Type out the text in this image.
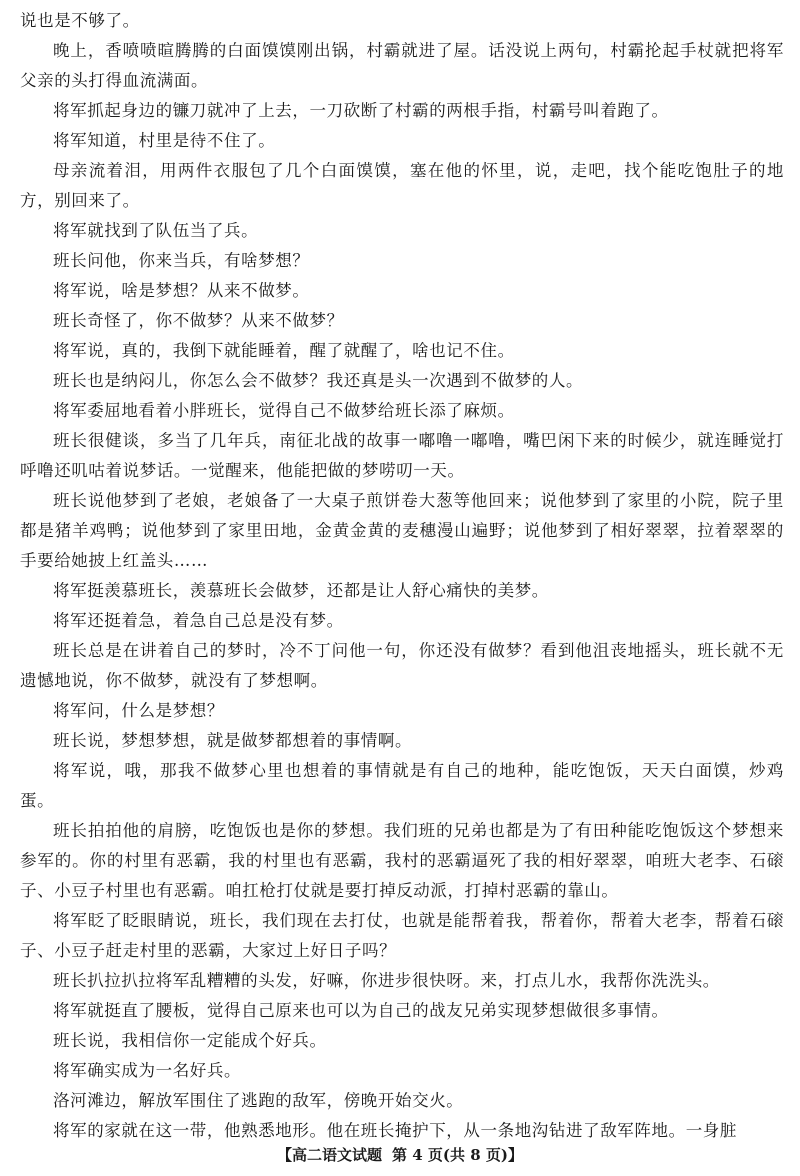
说也是不够了。

晚上，香喷喷暄腾腾的白面馍馍刚出锅，村霸就进了屋。话没说上两句，村霸抡起手杖就把将军父亲的头打得血流满面。

将军抓起身边的镰刀就冲了上去，一刀砍断了村霸的两根手指，村霸号叫着跑了。

将军知道，村里是待不住了。

母亲流着泪，用两件衣服包了几个白面馍馍，塞在他的怀里，说，走吧，找个能吃饱肚子的地方，别回来了。

将军就找到了队伍当了兵。

班长问他，你来当兵，有啥梦想？

将军说，啥是梦想？从来不做梦。

班长奇怪了，你不做梦？从来不做梦？

将军说，真的，我倒下就能睡着，醒了就醒了，啥也记不住。

班长也是纳闷儿，你怎么会不做梦？我还真是头一次遇到不做梦的人。

将军委屈地看着小胖班长，觉得自己不做梦给班长添了麻烦。

班长很健谈，多当了几年兵，南征北战的故事一嘟噜一嘟噜，嘴巴闲下来的时候少，就连睡觉打呼噜还叽咕着说梦话。一觉醒来，他能把做的梦唠叨一天。

班长说他梦到了老娘，老娘备了一大桌子煎饼卷大葱等他回来；说他梦到了家里的小院，院子里都是猪羊鸡鸭；说他梦到了家里田地，金黄金黄的麦穗漫山遍野；说他梦到了相好翠翠，拉着翠翠的手要给她披上红盖头……

将军挺羡慕班长，羡慕班长会做梦，还都是让人舒心痛快的美梦。

将军还挺着急，着急自己总是没有梦。

班长总是在讲着自己的梦时，冷不丁问他一句，你还没有做梦？看到他沮丧地摇头，班长就不无遗憾地说，你不做梦，就没有了梦想啊。

将军问，什么是梦想？

班长说，梦想梦想，就是做梦都想着的事情啊。

将军说，哦，那我不做梦心里也想着的事情就是有自己的地种，能吃饱饭，天天白面馍，炒鸡蛋。

班长拍拍他的肩膀，吃饱饭也是你的梦想。我们班的兄弟也都是为了有田种能吃饱饭这个梦想来参军的。你的村里有恶霸，我的村里也有恶霸，我村的恶霸逼死了我的相好翠翠，咱班大老李、石磙子、小豆子村里也有恶霸。咱扛枪打仗就是要打掉反动派，打掉村恶霸的靠山。

将军眨了眨眼睛说，班长，我们现在去打仗，也就是能帮着我，帮着你，帮着大老李，帮着石磙子、小豆子赶走村里的恶霸，大家过上好日子吗？

班长扒拉扒拉将军乱糟糟的头发，好嘛，你进步很快呀。来，打点儿水，我帮你洗洗头。

将军就挺直了腰板，觉得自己原来也可以为自己的战友兄弟实现梦想做很多事情。

班长说，我相信你一定能成个好兵。

将军确实成为一名好兵。

洛河滩边，解放军围住了逃跑的敌军，傍晚开始交火。

将军的家就在这一带，他熟悉地形。他在班长掩护下，从一条地沟钻进了敌军阵地。一身脏

【高二语文试题 第 4 页(共 8 页)】
